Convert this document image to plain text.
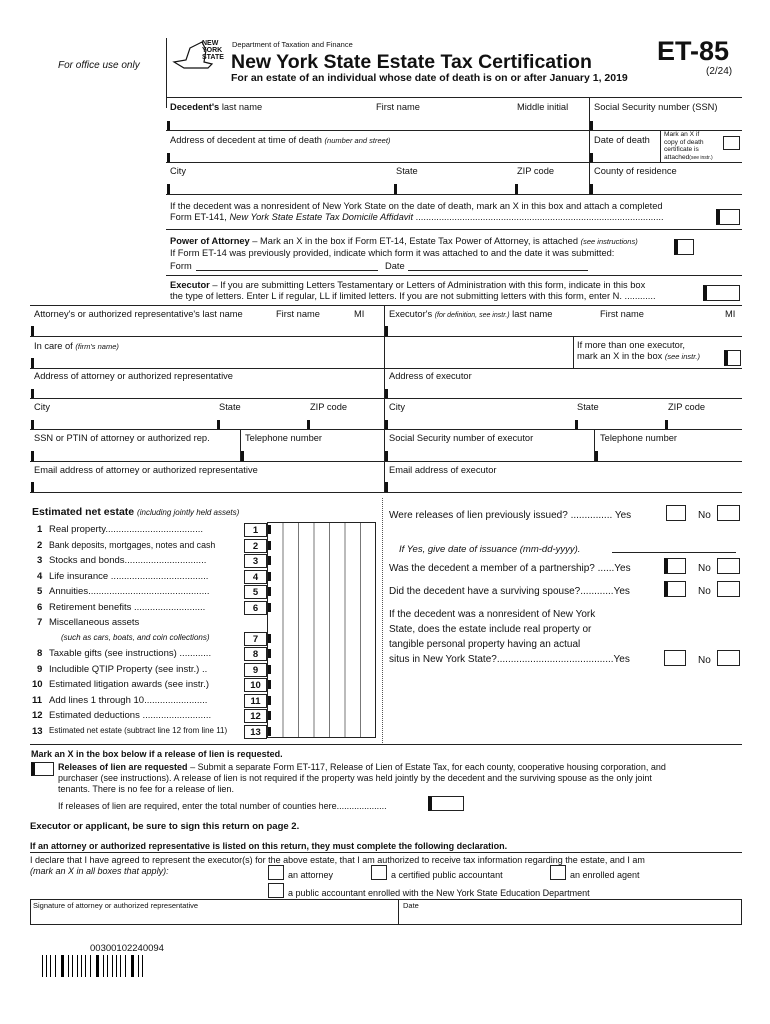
For office use only
NEW
YORK
STATE
Department of Taxation and Finance
New York State Estate Tax Certification
For an estate of an individual whose date of death is on or after January 1, 2019
ET-85
(2/24)
Decedent's last name	First name	Middle initial	Social Security number (SSN)
Address of decedent at time of death (number and street)	Date of death
Mark an X if copy of death certificate is attached(see instr.)
City	State	ZIP code	County of residence
If the decedent was a nonresident of New York State on the date of death, mark an X in this box and attach a completed
Form ET-141, New York State Estate Tax Domicile Affidavit ................................................................................................
Power of Attorney – Mark an X in the box if Form ET-14, Estate Tax Power of Attorney, is attached (see instructions)
If Form ET-14 was previously provided, indicate which form it was attached to and the date it was submitted:
Form	Date
Executor – If you are submitting Letters Testamentary or Letters of Administration with this form, indicate in this box
the type of letters. Enter L if regular, LL if limited letters. If you are not submitting letters with this form, enter N. ............
Attorney's or authorized representative's last name	First name	MI	Executor's (for definition, see instr.) last name	First name	MI
In care of (firm's name)	If more than one executor,
mark an X in the box (see instr.)
Address of attorney or authorized representative	Address of executor
City	State	ZIP code	City	State	ZIP code
SSN or PTIN of attorney or authorized rep.	Telephone number	Social Security number of executor	Telephone number
Email address of attorney or authorized representative	Email address of executor
Estimated net estate (including jointly held assets)
1 Real property.....................................	1
2 Bank deposits, mortgages, notes and cash	2
3 Stocks and bonds...............................	3
4 Life insurance .....................................	4
5 Annuities..............................................	5
6 Retirement benefits ...........................	6
7 Miscellaneous assets
(such as cars, boats, and coin collections)	7
8 Taxable gifts (see instructions) ............	8
9 Includible QTIP Property (see instr.) ..	9
10 Estimated litigation awards (see instr.)	10
11 Add lines 1 through 10........................	11
12 Estimated deductions ..........................	12
13 Estimated net estate (subtract line 12 from line 11)	13
Were releases of lien previously issued? ............... Yes	No
If Yes, give date of issuance (mm-dd-yyyy).
Was the decedent a member of a partnership? ......Yes	No
Did the decedent have a surviving spouse?............Yes	No
If the decedent was a nonresident of New York
State, does the estate include real property or
tangible personal property having an actual
situs in New York State?..........................................Yes	No
Mark an X in the box below if a release of lien is requested.
Releases of lien are requested – Submit a separate Form ET-117, Release of Lien of Estate Tax, for each county, cooperative housing corporation, and
purchaser (see instructions). A release of lien is not required if the property was held jointly by the decedent and the surviving spouse as the only joint
tenants. There is no fee for a release of lien.
If releases of lien are required, enter the total number of counties here....................
Executor or applicant, be sure to sign this return on page 2.
If an attorney or authorized representative is listed on this return, they must complete the following declaration.
I declare that I have agreed to represent the executor(s) for the above estate, that I am authorized to receive tax information regarding the estate, and I am
(mark an X in all boxes that apply):	an attorney	a certified public accountant	an enrolled agent
a public accountant enrolled with the New York State Education Department
Signature of attorney or authorized representative	Date
00300102240094
